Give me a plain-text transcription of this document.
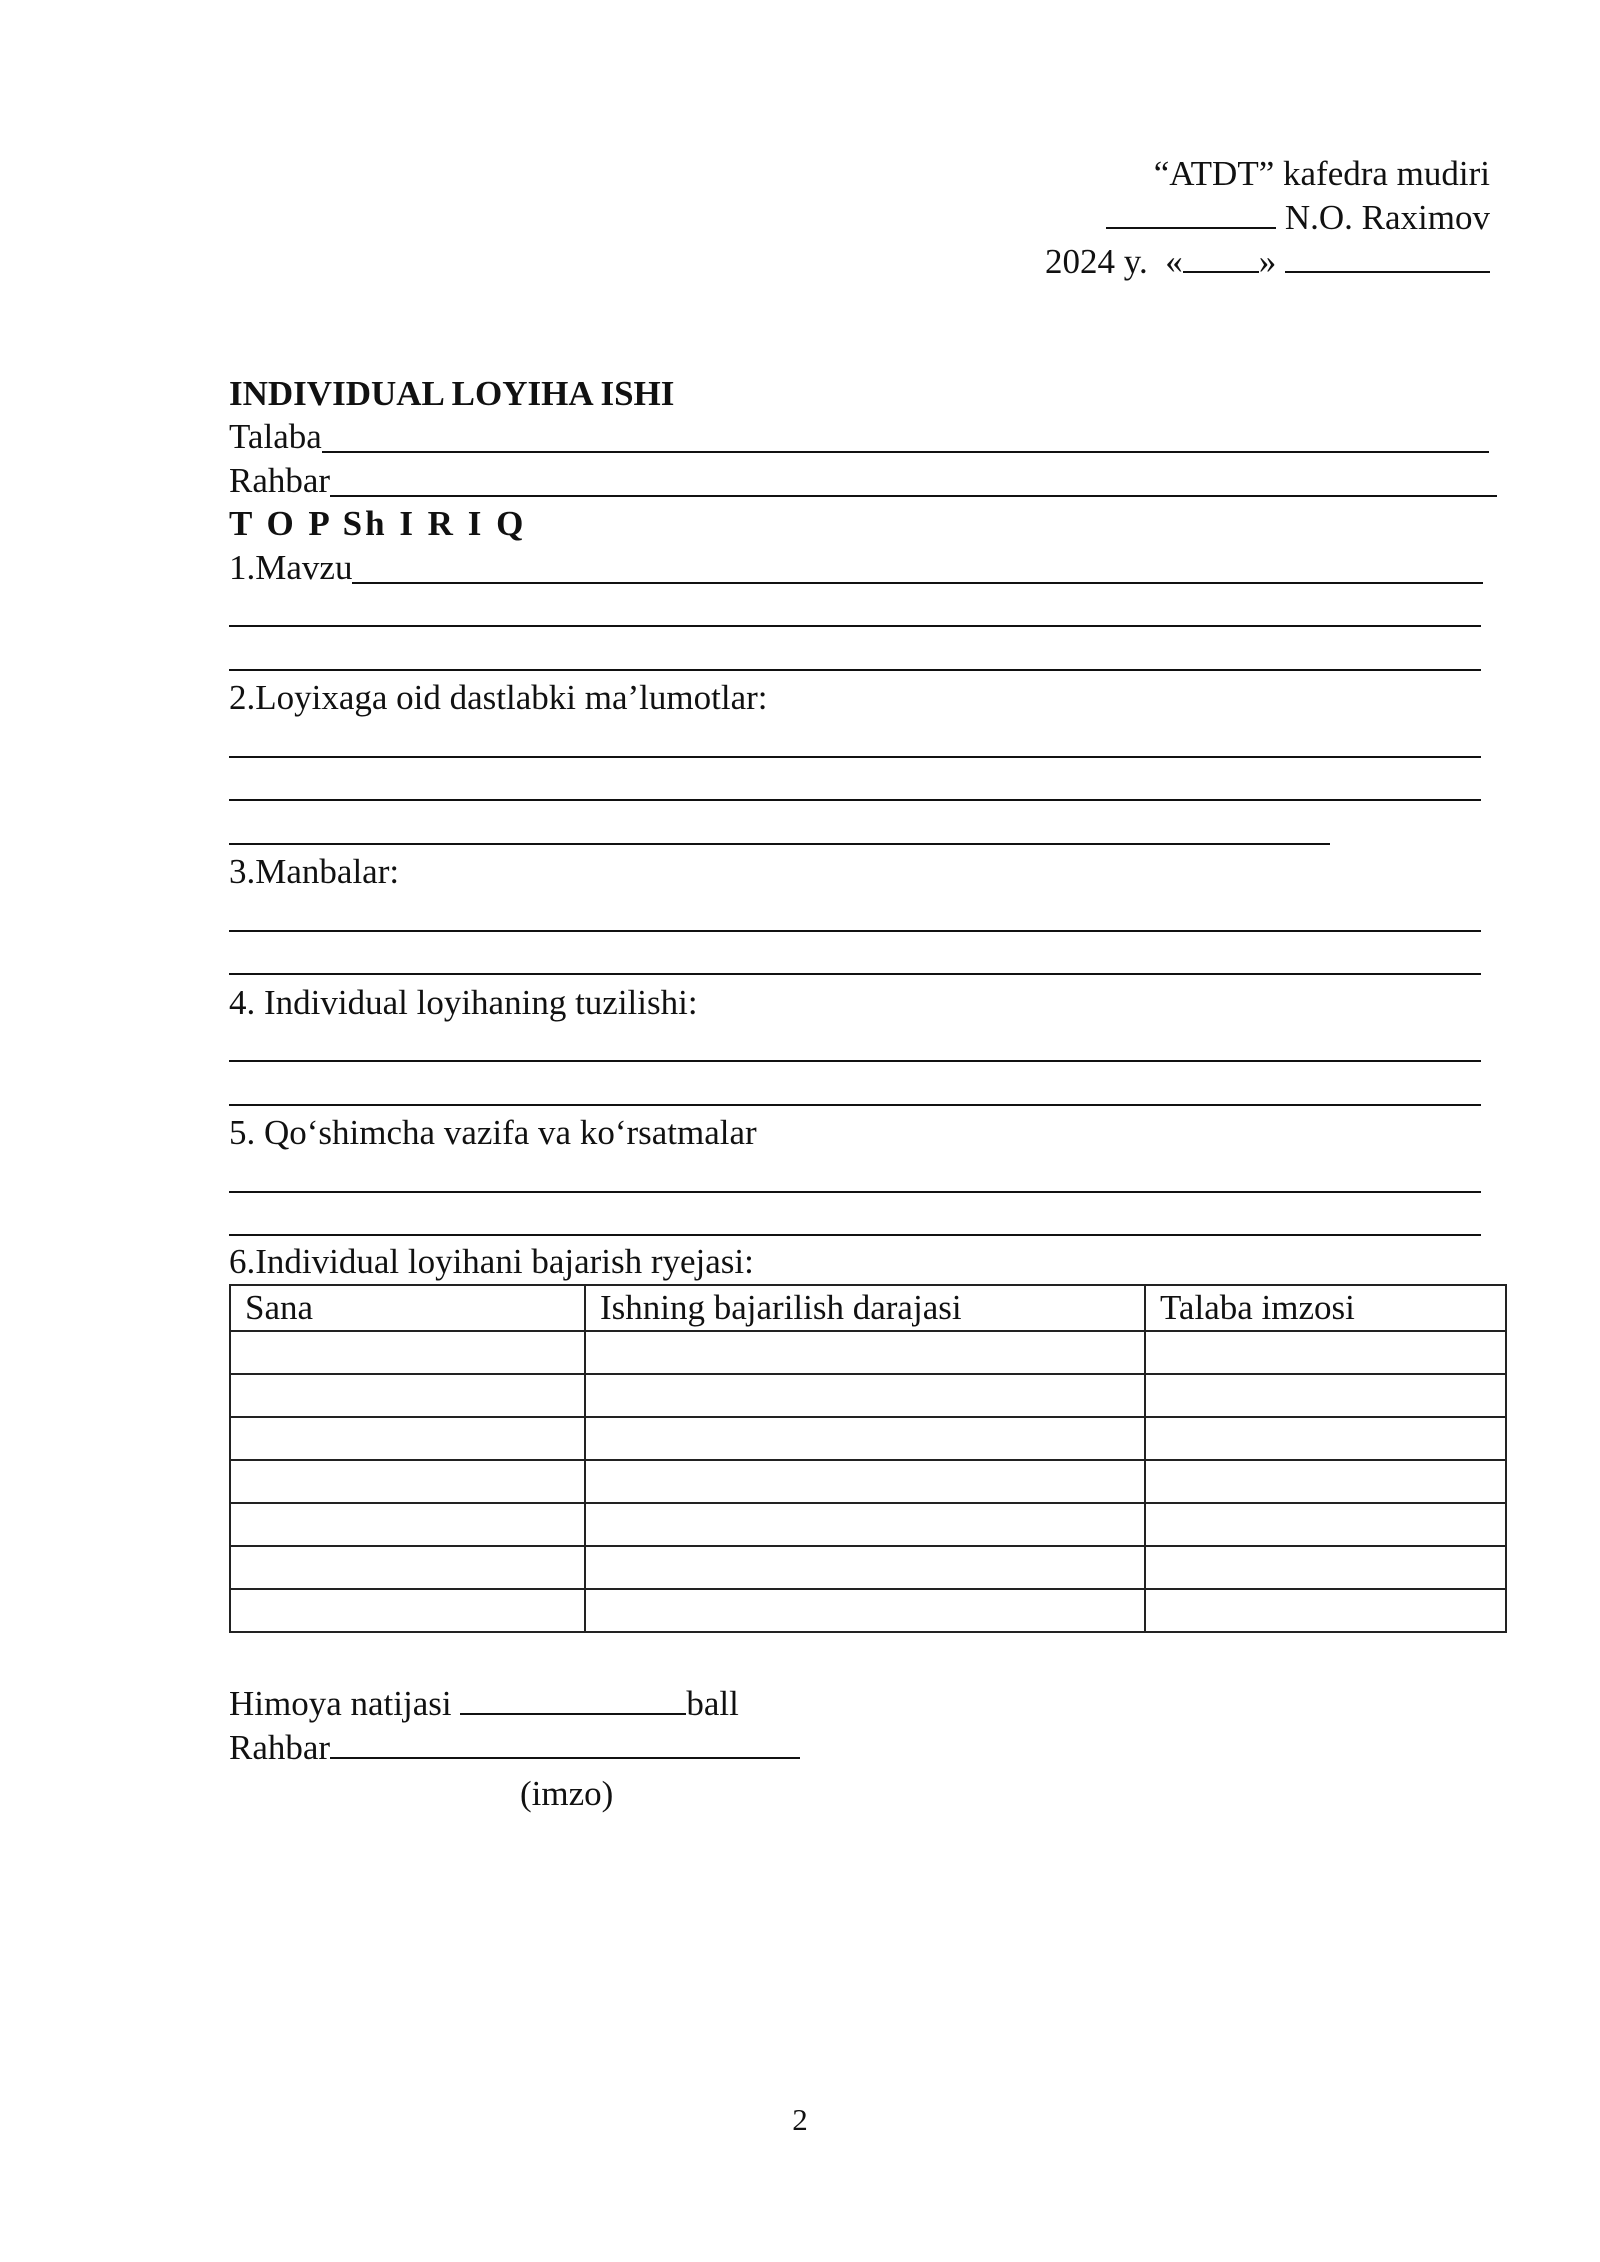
“ATDT” kafedra mudiri
N.O. Raximov
2024 y. « »
INDIVIDUAL LOYIHA ISHI
Talaba
Rahbar
T O P Sh I R I Q
1.Mavzu
2.Loyixaga oid dastlabki ma’lumotlar:
3.Manbalar:
4. Individual loyihaning tuzilishi:
5. Qo‘shimcha vazifa va ko‘rsatmalar
6.Individual loyihani bajarish ryejasi:
Sana	Ishning bajarilish darajasi	Talaba imzosi

Himoya natijasi	ball
Rahbar
(imzo)
2
